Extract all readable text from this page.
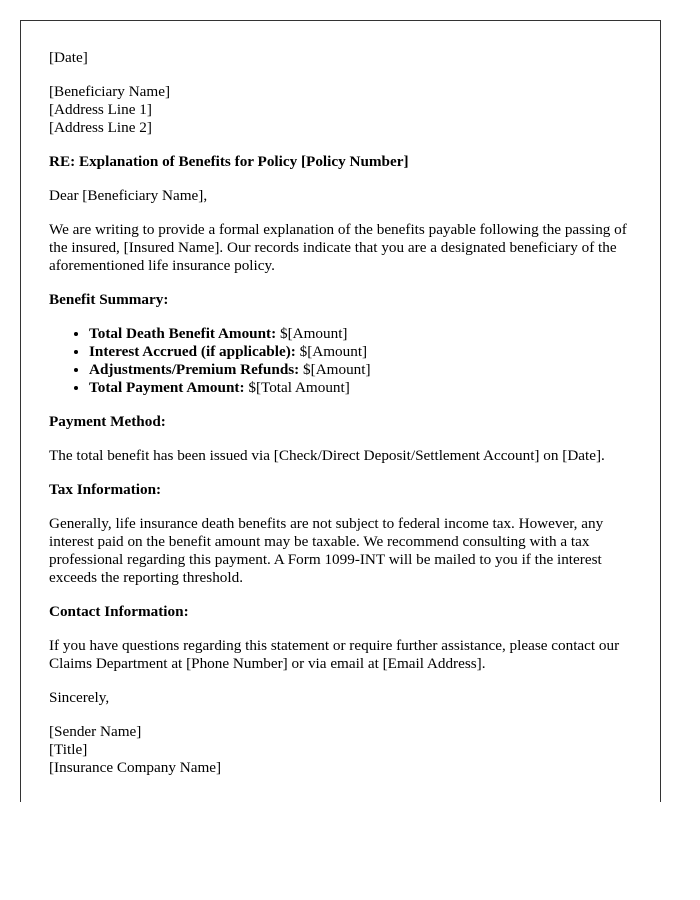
[Date]

[Beneficiary Name]
[Address Line 1]
[Address Line 2]

RE: Explanation of Benefits for Policy [Policy Number]

Dear [Beneficiary Name],

We are writing to provide a formal explanation of the benefits payable following the passing of the insured, [Insured Name]. Our records indicate that you are a designated beneficiary of the aforementioned life insurance policy.

Benefit Summary:

• Total Death Benefit Amount: $[Amount]
• Interest Accrued (if applicable): $[Amount]
• Adjustments/Premium Refunds: $[Amount]
• Total Payment Amount: $[Total Amount]

Payment Method:

The total benefit has been issued via [Check/Direct Deposit/Settlement Account] on [Date].

Tax Information:

Generally, life insurance death benefits are not subject to federal income tax. However, any interest paid on the benefit amount may be taxable. We recommend consulting with a tax professional regarding this payment. A Form 1099-INT will be mailed to you if the interest exceeds the reporting threshold.

Contact Information:

If you have questions regarding this statement or require further assistance, please contact our Claims Department at [Phone Number] or via email at [Email Address].

Sincerely,

[Sender Name]
[Title]
[Insurance Company Name]
